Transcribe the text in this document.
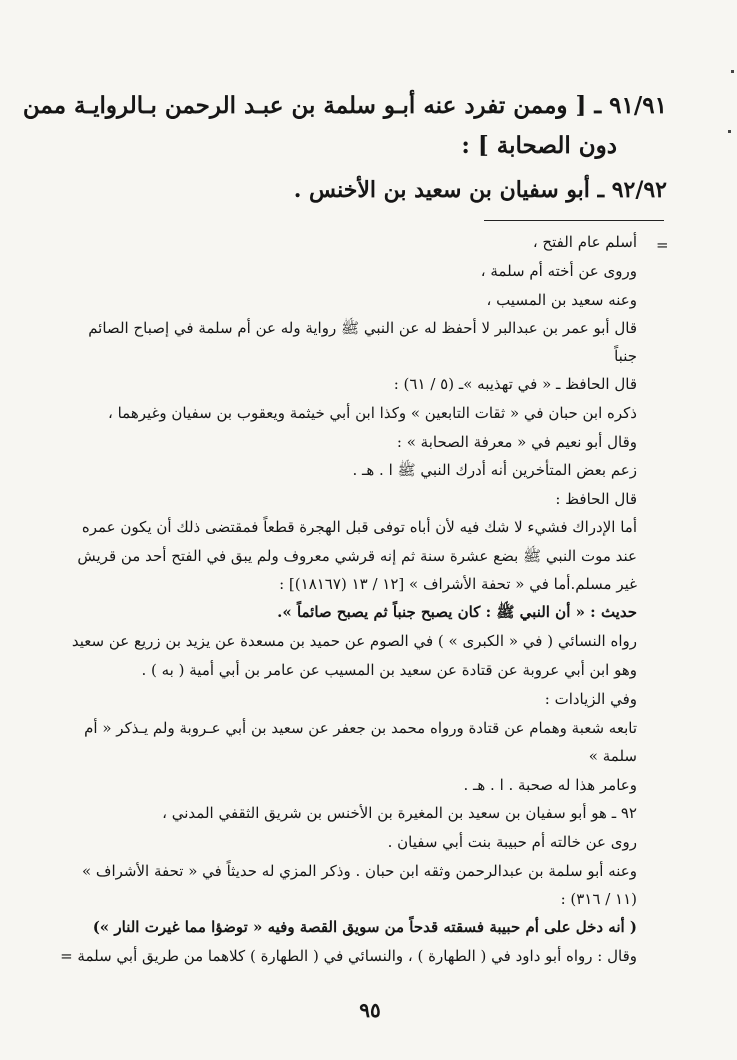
٩١/٩١ ـ [ وممن تفرد عنه أبـو سلمة بن عبـد الرحمن بـالروايـة ممن
دون الصحابة ] :
٩٢/٩٢ ـ أبو سفيان بن سعيد بن الأخنس .
=
أسلم عام الفتح ،
وروى عن أخته أم سلمة ،
وعنه سعيد بن المسيب ،
قال أبو عمر بن عبدالبر لا أحفظ له عن النبي ﷺ رواية وله عن أم سلمة في إصباح الصائم
جنباً
قال الحافظ ـ « في تهذيبه »ـ (٥ / ٦١) :
ذكره ابن حبان في « ثقات التابعين » وكذا ابن أبي خيثمة ويعقوب بن سفيان وغيرهما ،
وقال أبو نعيم في « معرفة الصحابة » :
زعم بعض المتأخرين أنه أدرك النبي ﷺ ا . هـ .
قال الحافظ :
أما الإدراك فشيء لا شك فيه لأن أباه توفى قبل الهجرة قطعاً فمقتضى ذلك أن يكون عمره
عند موت النبي ﷺ بضع عشرة سنة ثم إنه قرشي معروف ولم يبق في الفتح أحد من قريش
غير مسلم.أما في « تحفة الأشراف » [١٢ / ١٣ (١٨١٦٧)] :
حديث : « أن النبي ﷺ : كان يصبح جنباً ثم يصبح صائماً ».
رواه النسائي ( في « الكبرى » ) في الصوم عن حميد بن مسعدة عن يزيد بن زريع عن سعيد
وهو ابن أبي عروبة عن قتادة عن سعيد بن المسيب عن عامر بن أبي أمية ( به ) .
وفي الزيادات :
تابعه شعبة وهمام عن قتادة ورواه محمد بن جعفر عن سعيد بن أبي عـروبة ولم يـذكر « أم
سلمة »
وعامر هذا له صحبة . ا . هـ .
٩٢ ـ هو أبو سفيان بن سعيد بن المغيرة بن الأخنس بن شريق الثقفي المدني ،
روى عن خالته أم حبيبة بنت أبي سفيان .
وعنه أبو سلمة بن عبدالرحمن وثقه ابن حبان . وذكر المزي له حديثاً في « تحفة الأشراف »
(١١ / ٣١٦) :
( أنه دخل على أم حبيبة فسقته قدحاً من سويق القصة وفيه « توضؤا مما غيرت النار »)
وقال : رواه أبو داود في ( الطهارة ) ، والنسائي في ( الطهارة ) كلاهما من طريق أبي سلمة =
٩٥
